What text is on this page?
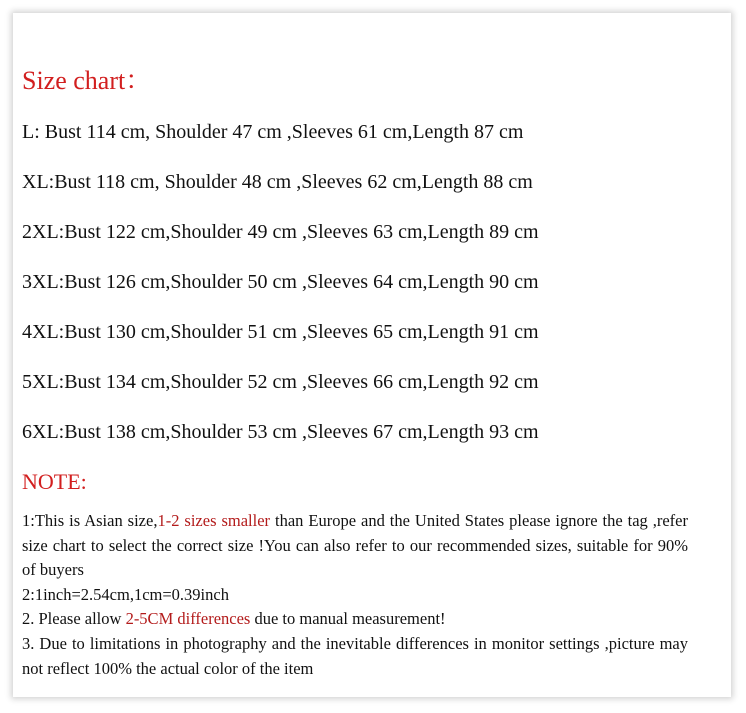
Size chart：
L: Bust 114 cm, Shoulder 47 cm ,Sleeves 61 cm,Length 87 cm
XL:Bust 118 cm, Shoulder 48 cm ,Sleeves 62 cm,Length 88 cm
2XL:Bust 122 cm,Shoulder 49 cm ,Sleeves 63 cm,Length 89 cm
3XL:Bust 126 cm,Shoulder 50 cm ,Sleeves 64 cm,Length 90 cm
4XL:Bust 130 cm,Shoulder 51 cm ,Sleeves 65 cm,Length 91 cm
5XL:Bust 134 cm,Shoulder 52 cm ,Sleeves 66 cm,Length 92 cm
6XL:Bust 138 cm,Shoulder 53 cm ,Sleeves 67 cm,Length 93 cm
NOTE:

1:This is Asian size,1-2 sizes smaller than Europe and the United States please ignore the tag ,refer size chart to select the correct size !You can also refer to our recommended sizes, suitable for 90% of buyers

2:1inch=2.54cm,1cm=0.39inch

2. Please allow 2-5CM differences due to manual measurement!

3. Due to limitations in photography and the inevitable differences in monitor settings ,picture may not reflect 100% the actual color of the item
